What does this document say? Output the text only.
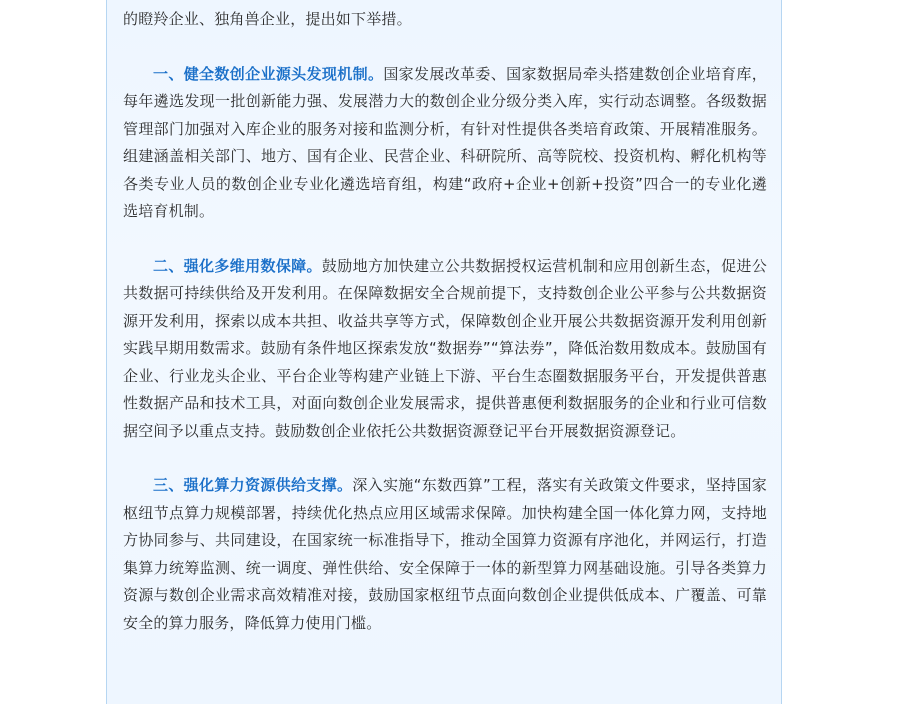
的瞪羚企业、独角兽企业，提出如下举措。

一、健全数创企业源头发现机制。国家发展改革委、国家数据局牵头搭建数创企业培育库，每年遴选发现一批创新能力强、发展潜力大的数创企业分级分类入库，实行动态调整。各级数据管理部门加强对入库企业的服务对接和监测分析，有针对性提供各类培育政策、开展精准服务。组建涵盖相关部门、地方、国有企业、民营企业、科研院所、高等院校、投资机构、孵化机构等各类专业人员的数创企业专业化遴选培育组，构建“政府+企业+创新+投资”四合一的专业化遴选培育机制。

二、强化多维用数保障。鼓励地方加快建立公共数据授权运营机制和应用创新生态，促进公共数据可持续供给及开发利用。在保障数据安全合规前提下，支持数创企业公平参与公共数据资源开发利用，探索以成本共担、收益共享等方式，保障数创企业开展公共数据资源开发利用创新实践早期用数需求。鼓励有条件地区探索发放“数据券”“算法券”，降低治数用数成本。鼓励国有企业、行业龙头企业、平台企业等构建产业链上下游、平台生态圈数据服务平台，开发提供普惠性数据产品和技术工具，对面向数创企业发展需求，提供普惠便利数据服务的企业和行业可信数据空间予以重点支持。鼓励数创企业依托公共数据资源登记平台开展数据资源登记。

三、强化算力资源供给支撑。深入实施“东数西算”工程，落实有关政策文件要求，坚持国家枢纽节点算力规模部署，持续优化热点应用区域需求保障。加快构建全国一体化算力网，支持地方协同参与、共同建设，在国家统一标准指导下，推动全国算力资源有序池化，并网运行，打造集算力统筹监测、统一调度、弹性供给、安全保障于一体的新型算力网基础设施。引导各类算力资源与数创企业需求高效精准对接，鼓励国家枢纽节点面向数创企业提供低成本、广覆盖、可靠安全的算力服务，降低算力使用门槛。
